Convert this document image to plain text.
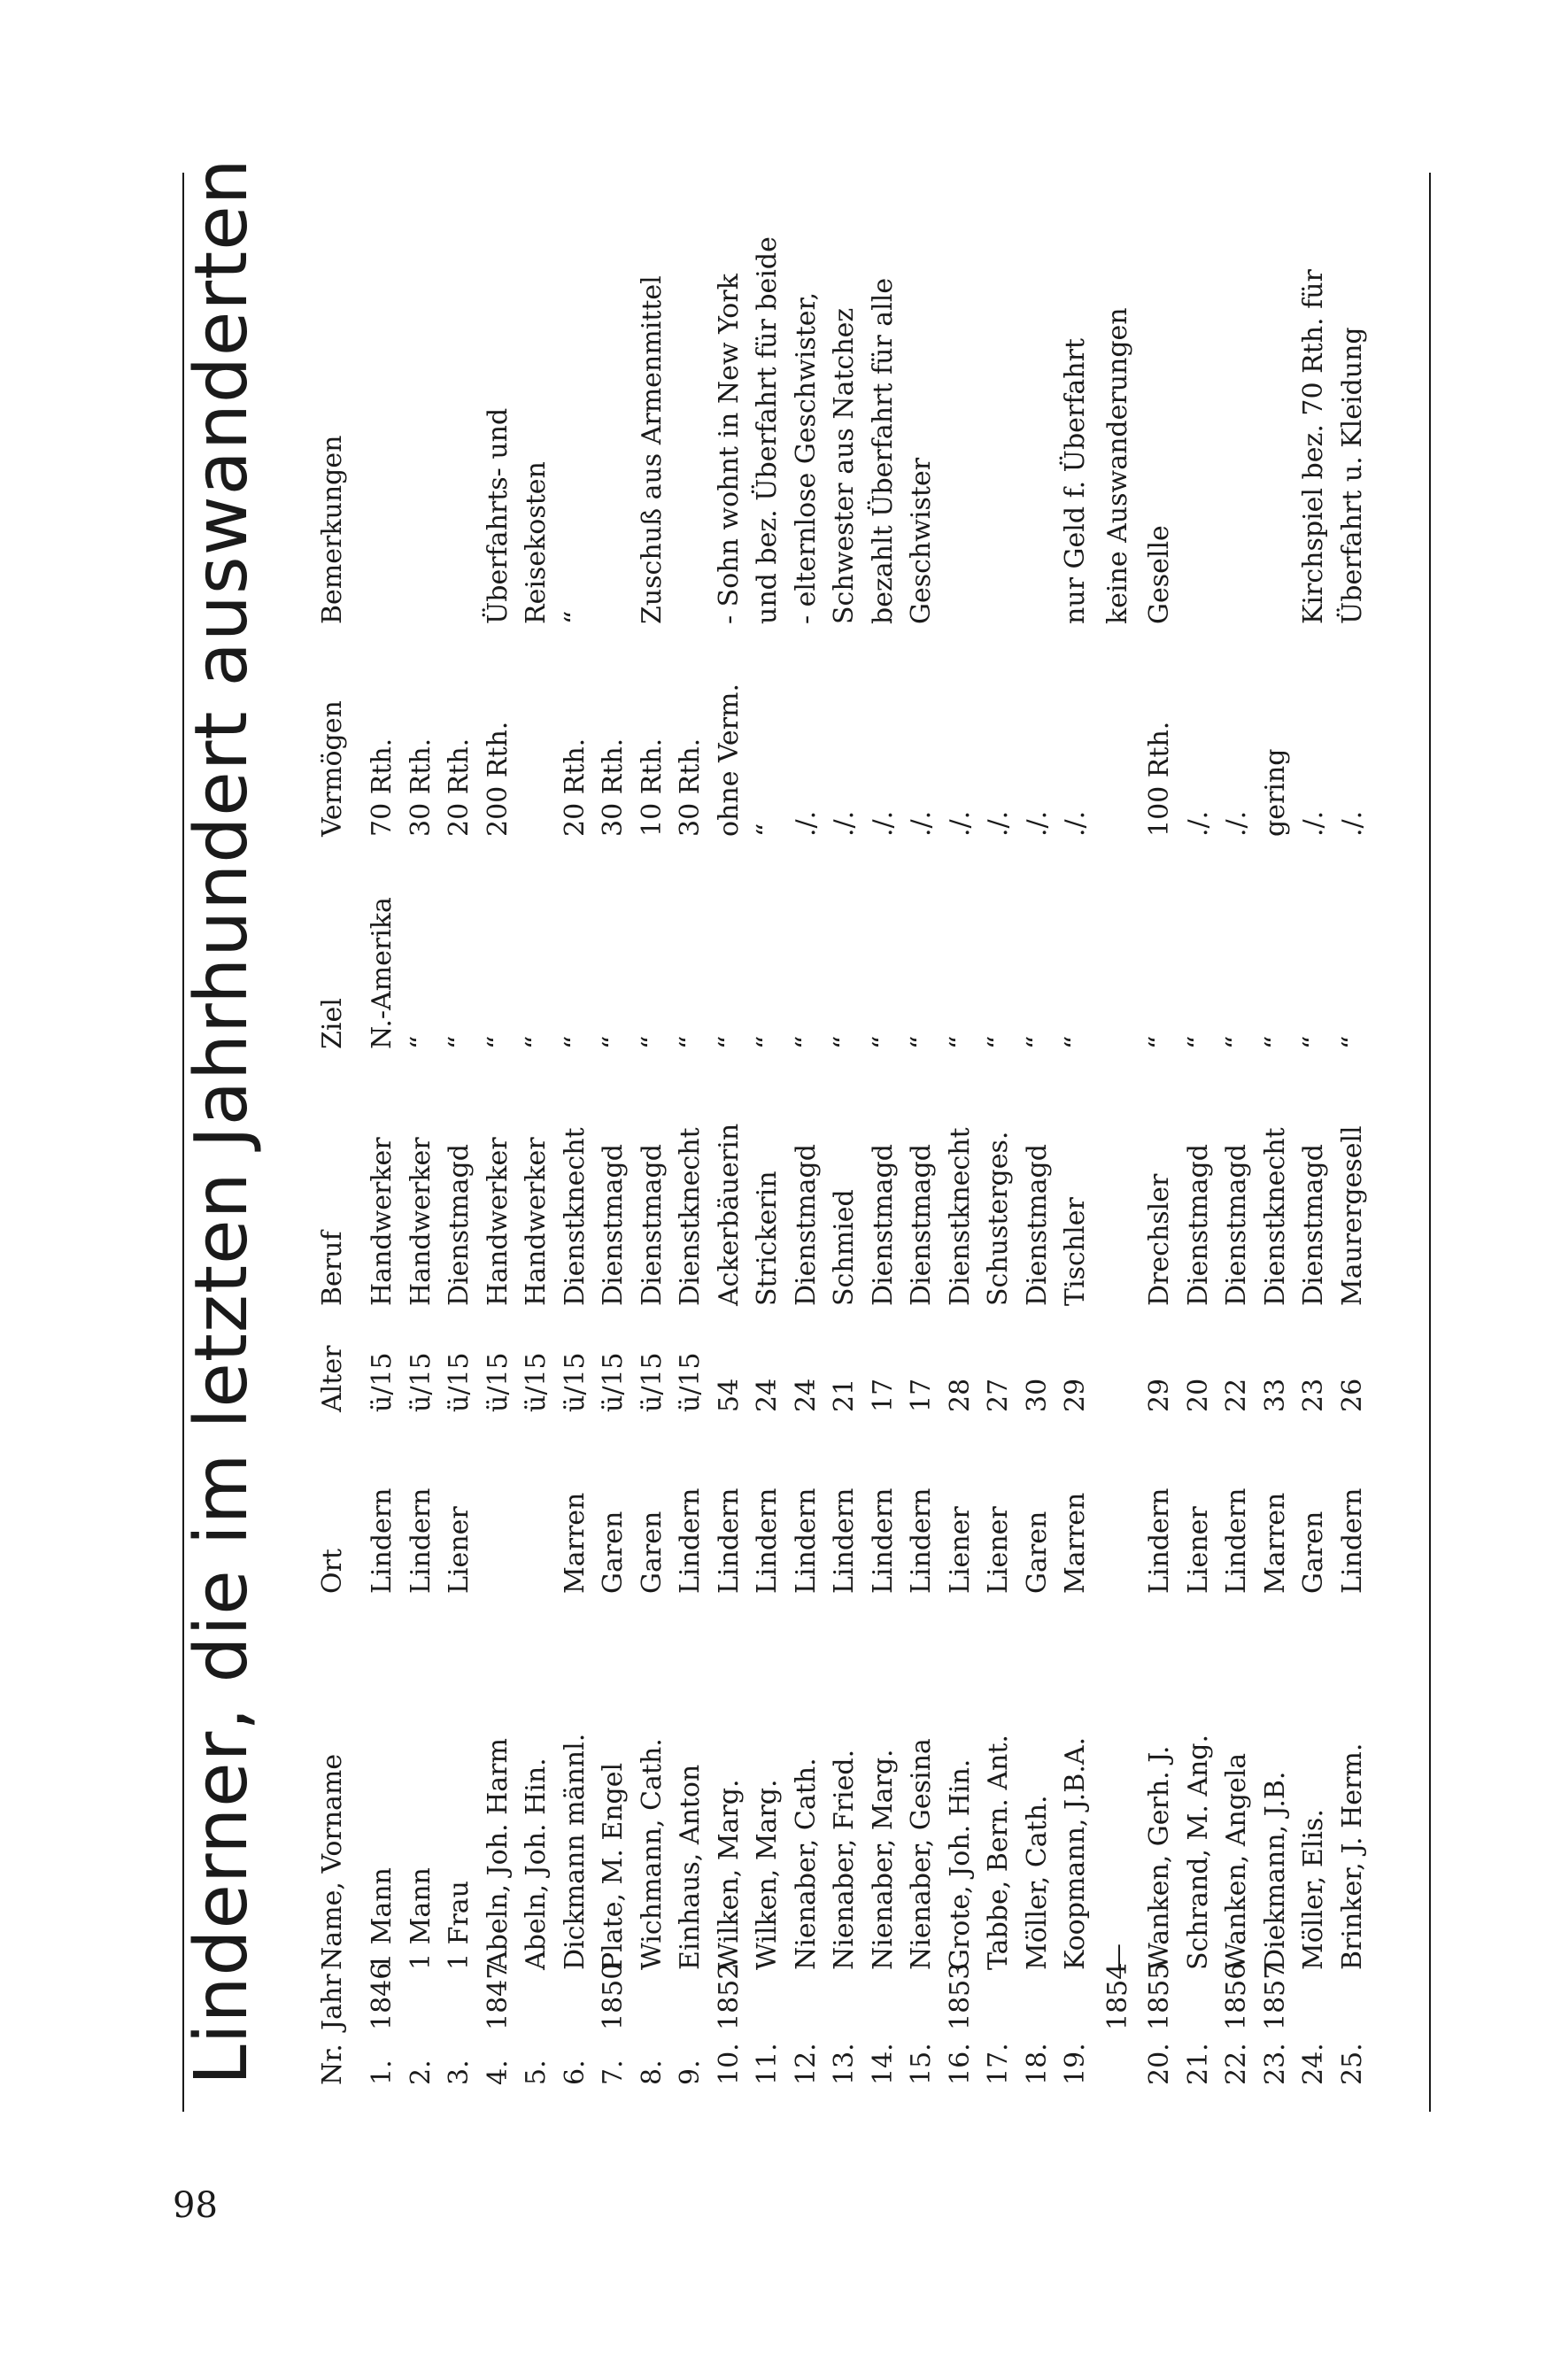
98
Linderner, die im letzten Jahrhundert auswanderten Nr.
Jahr
Name, Vorname
Ort
Alter
Beruf
Ziel
Vermögen
Bemerkungen
1.
1846
1 Mann
Lindern
ü/15
Handwerker
N.-Amerika
70 Rth.
2.
1 Mann
Lindern
ü/15
Handwerker
“
30 Rth.
3.
1 Frau
Liener
ü/15
Dienstmagd
“
20 Rth.
4.
1847
Abeln, Joh. Harm
ü/15
Handwerker
“
200 Rth.
Überfahrts- und
5.
Abeln, Joh. Hin.
ü/15
Handwerker
“
Reisekosten
6.
Dickmann männl.
Marren
ü/15
Dienstknecht
“
20 Rth.
“
7.
1850
Plate, M. Engel
Garen
ü/15
Dienstmagd
“
30 Rth.
8.
Wichmann, Cath.
Garen
ü/15
Dienstmagd
“
10 Rth.
Zuschuß aus Armenmittel
9.
Einhaus, Anton
Lindern
ü/15
Dienstknecht
“
30 Rth.
10.
1852
Wilken, Marg.
Lindern
54
Ackerbäuerin
“
ohne Verm.
- Sohn wohnt in New York
11.
Wilken, Marg.
Lindern
24
Strickerin
“
“
und bez. Überfahrt für beide
12.
Nienaber, Cath.
Lindern
24
Dienstmagd
“
./.
- elternlose Geschwister,
13.
Nienaber, Fried.
Lindern
21
Schmied
“
./.
Schwester aus Natchez
14.
Nienaber, Marg.
Lindern
17
Dienstmagd
“
./.
bezahlt Überfahrt für alle
15.
Nienaber, Gesina
Lindern
17
Dienstmagd
“
./.
Geschwister
16.
1853
Grote, Joh. Hin.
Liener
28
Dienstknecht
“
./.
17.
Tabbe, Bern. Ant.
Liener
27
Schusterges.
“
./.
18.
Möller, Cath.
Garen
30
Dienstmagd
“
./.
19.
Koopmann, J.B.A.
Marren
29
Tischler
“
./.
nur Geld f. Überfahrt
1854
—
keine Auswanderungen
20.
1855
Wanken, Gerh. J.
Lindern
29
Drechsler
“
100 Rth.
Geselle
21.
Schrand, M. Ang.
Liener
20
Dienstmagd
“
./.
22.
1856
Wanken, Angela
Lindern
22
Dienstmagd
“
./.
23.
1857
Diekmann, J.B.
Marren
33
Dienstknecht
“
gering
24.
Möller, Elis.
Garen
23
Dienstmagd
“
./.
Kirchspiel bez. 70 Rth. für
25.
Brinker, J. Herm.
Lindern
26
Maurergesell
“
./.
Überfahrt u. Kleidung
